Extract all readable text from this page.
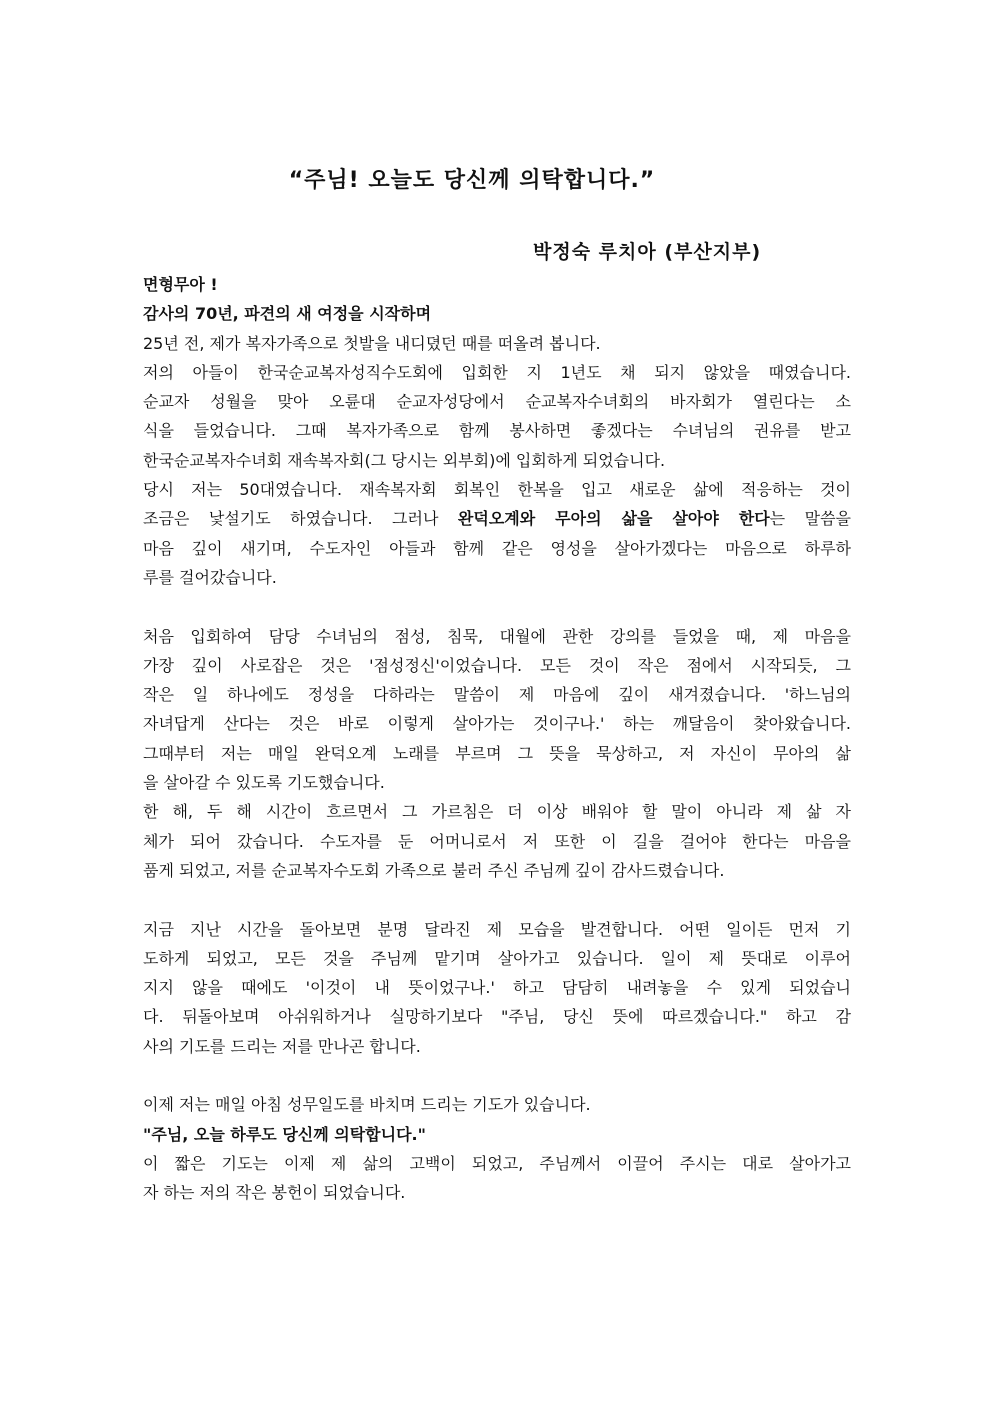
“주님! 오늘도 당신께 의탁합니다.”

박정숙 루치아 (부산지부)

면형무아 !
감사의 70년, 파견의 새 여정을 시작하며
25년 전, 제가 복자가족으로 첫발을 내디뎠던 때를 떠올려 봅니다.
저의 아들이 한국순교복자성직수도회에 입회한 지 1년도 채 되지 않았을 때였습니다.
순교자 성월을 맞아 오륜대 순교자성당에서 순교복자수녀회의 바자회가 열린다는 소
식을 들었습니다. 그때 복자가족으로 함께 봉사하면 좋겠다는 수녀님의 권유를 받고
한국순교복자수녀회 재속복자회(그 당시는 외부회)에 입회하게 되었습니다.
당시 저는 50대였습니다. 재속복자회 회복인 한복을 입고 새로운 삶에 적응하는 것이
조금은 낯설기도 하였습니다. 그러나 완덕오계와 무아의 삶을 살아야 한다는 말씀을
마음 깊이 새기며, 수도자인 아들과 함께 같은 영성을 살아가겠다는 마음으로 하루하
루를 걸어갔습니다.
처음 입회하여 담당 수녀님의 점성, 침묵, 대월에 관한 강의를 들었을 때, 제 마음을
가장 깊이 사로잡은 것은 '점성정신'이었습니다. 모든 것이 작은 점에서 시작되듯, 그
작은 일 하나에도 정성을 다하라는 말씀이 제 마음에 깊이 새겨졌습니다. '하느님의
자녀답게 산다는 것은 바로 이렇게 살아가는 것이구나.' 하는 깨달음이 찾아왔습니다.
그때부터 저는 매일 완덕오계 노래를 부르며 그 뜻을 묵상하고, 저 자신이 무아의 삶
을 살아갈 수 있도록 기도했습니다.
한 해, 두 해 시간이 흐르면서 그 가르침은 더 이상 배워야 할 말이 아니라 제 삶 자
체가 되어 갔습니다. 수도자를 둔 어머니로서 저 또한 이 길을 걸어야 한다는 마음을
품게 되었고, 저를 순교복자수도회 가족으로 불러 주신 주님께 깊이 감사드렸습니다.
지금 지난 시간을 돌아보면 분명 달라진 제 모습을 발견합니다. 어떤 일이든 먼저 기
도하게 되었고, 모든 것을 주님께 맡기며 살아가고 있습니다. 일이 제 뜻대로 이루어
지지 않을 때에도 '이것이 내 뜻이었구나.' 하고 담담히 내려놓을 수 있게 되었습니
다. 뒤돌아보며 아쉬워하거나 실망하기보다 "주님, 당신 뜻에 따르겠습니다." 하고 감
사의 기도를 드리는 저를 만나곤 합니다.
이제 저는 매일 아침 성무일도를 바치며 드리는 기도가 있습니다.
"주님, 오늘 하루도 당신께 의탁합니다."
이 짧은 기도는 이제 제 삶의 고백이 되었고, 주님께서 이끌어 주시는 대로 살아가고
자 하는 저의 작은 봉헌이 되었습니다.
